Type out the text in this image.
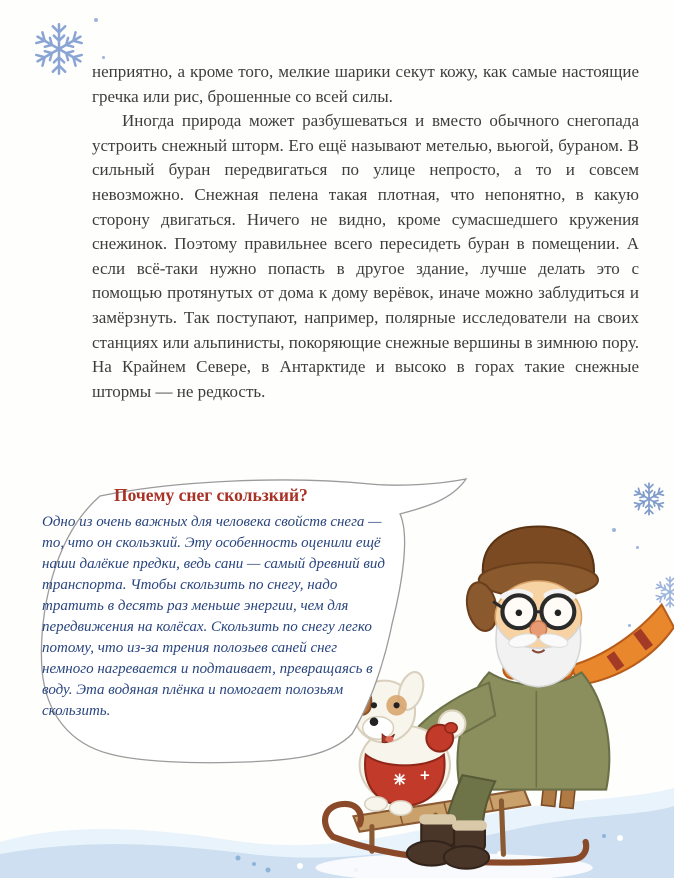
неприятно, а кроме того, мелкие шарики секут кожу, как самые настоящие гречка или рис, брошенные со всей силы.

Иногда природа может разбушеваться и вместо обычного снегопада устроить снежный шторм. Его ещё называют метелью, вьюгой, бураном. В сильный буран передвигаться по улице непросто, а то и совсем невозможно. Снежная пелена такая плотная, что непонятно, в какую сторону двигаться. Ничего не видно, кроме сумасшедшего кружения снежинок. Поэтому правильнее всего пересидеть буран в помещении. А если всё-таки нужно попасть в другое здание, лучше делать это с помощью протянутых от дома к дому верёвок, иначе можно заблудиться и замёрзнуть. Так поступают, например, полярные исследователи на своих станциях или альпинисты, покоряющие снежные вершины в зимнюю пору. На Крайнем Севере, в Антарктиде и высоко в горах такие снежные штормы — не редкость.

Почему снег скользкий?

Одно из очень важных для человека свойств снега — то, что он скользкий. Эту особенность оценили ещё наши далёкие предки, ведь сани — самый древний вид транспорта. Чтобы скользить по снегу, надо тратить в десять раз меньше энергии, чем для передвижения на колёсах. Скользить по снегу легко потому, что из-за трения полозьев саней снег немного нагревается и подтаивает, превращаясь в воду. Эта водяная плёнка и помогает полозьям скользить.
